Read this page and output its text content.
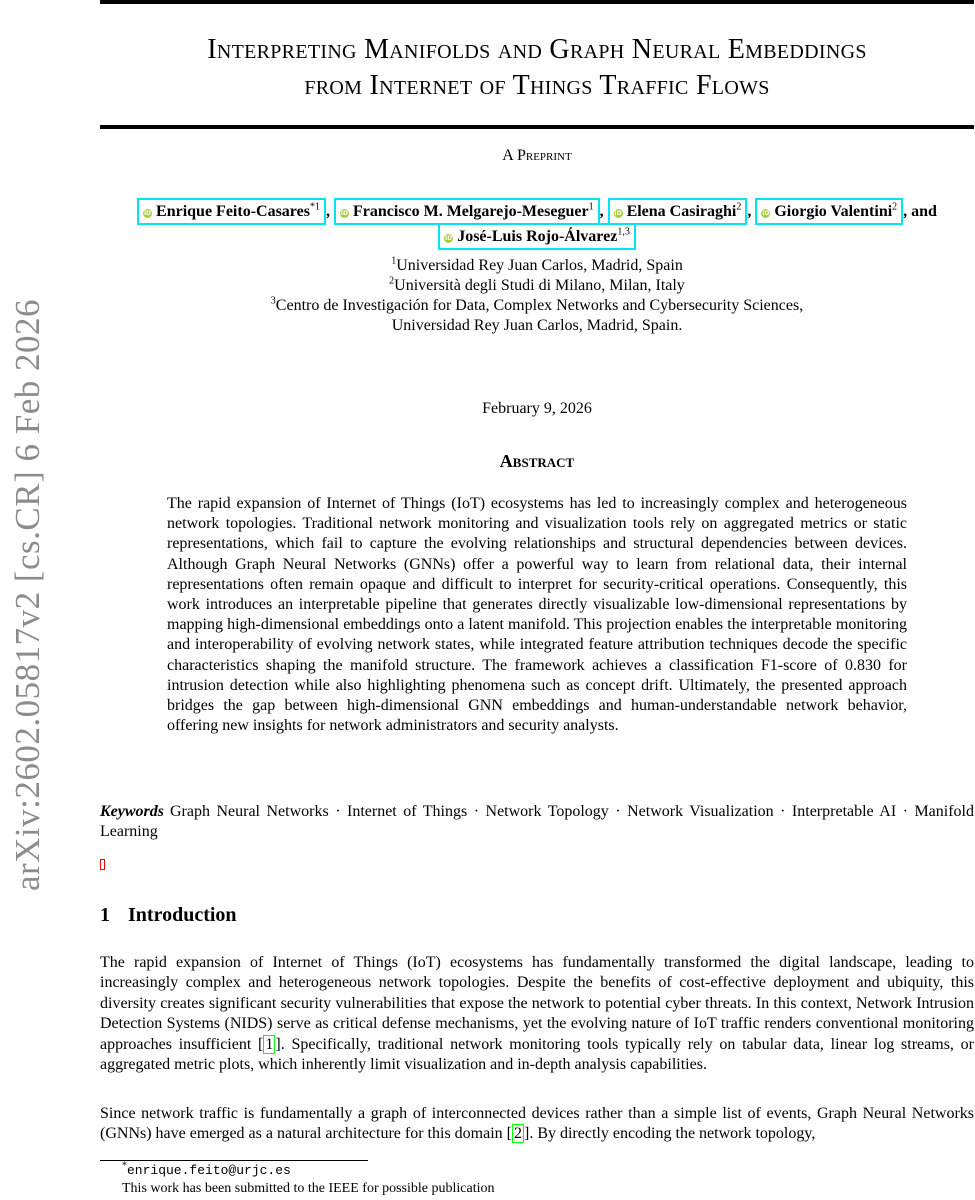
arXiv:2602.05817v2 [cs.CR] 6 Feb 2026
Interpreting Manifolds and Graph Neural Embeddings
from Internet of Things Traffic Flows
A Preprint
iD Enrique Feito-Casares$^{*1}$ , iD Francisco M. Melgarejo-Meseguer$^1$ , iD Elena Casiraghi$^2$ , iD Giorgio Valentini$^2$ , and
iD José-Luis Rojo-Álvarez$^{1,3}$
$^1$Universidad Rey Juan Carlos, Madrid, Spain
$^2$Università degli Studi di Milano, Milan, Italy
$^3$Centro de Investigación for Data, Complex Networks and Cybersecurity Sciences,
Universidad Rey Juan Carlos, Madrid, Spain.
February 9, 2026
Abstract
The rapid expansion of Internet of Things (IoT) ecosystems has led to increasingly complex and heterogeneous network topologies. Traditional network monitoring and visualization tools rely on aggregated metrics or static representations, which fail to capture the evolving relationships and structural dependencies between devices. Although Graph Neural Networks (GNNs) offer a powerful way to learn from relational data, their internal representations often remain opaque and difficult to interpret for security-critical operations. Consequently, this work introduces an interpretable pipeline that generates directly visualizable low-dimensional representations by mapping high-dimensional embeddings onto a latent manifold. This projection enables the interpretable monitoring and interoperability of evolving network states, while integrated feature attribution techniques decode the specific characteristics shaping the manifold structure. The framework achieves a classification F1-score of 0.830 for intrusion detection while also highlighting phenomena such as concept drift. Ultimately, the presented approach bridges the gap between high-dimensional GNN embeddings and human-understandable network behavior, offering new insights for network administrators and security analysts.
Keywords Graph Neural Networks · Internet of Things · Network Topology · Network Visualization · Interpretable AI · Manifold Learning
1 Introduction
The rapid expansion of Internet of Things (IoT) ecosystems has fundamentally transformed the digital landscape, leading to increasingly complex and heterogeneous network topologies. Despite the benefits of cost-effective deployment and ubiquity, this diversity creates significant security vulnerabilities that expose the network to potential cyber threats. In this context, Network Intrusion Detection Systems (NIDS) serve as critical defense mechanisms, yet the evolving nature of IoT traffic renders conventional monitoring approaches insufficient [ 1 ]. Specifically, traditional network monitoring tools typically rely on tabular data, linear log streams, or aggregated metric plots, which inherently limit visualization and in-depth analysis capabilities.
Since network traffic is fundamentally a graph of interconnected devices rather than a simple list of events, Graph Neural Networks (GNNs) have emerged as a natural architecture for this domain [ 2 ]. By directly encoding the network topology,
*enrique.feito@urjc.es
This work has been submitted to the IEEE for possible publication
